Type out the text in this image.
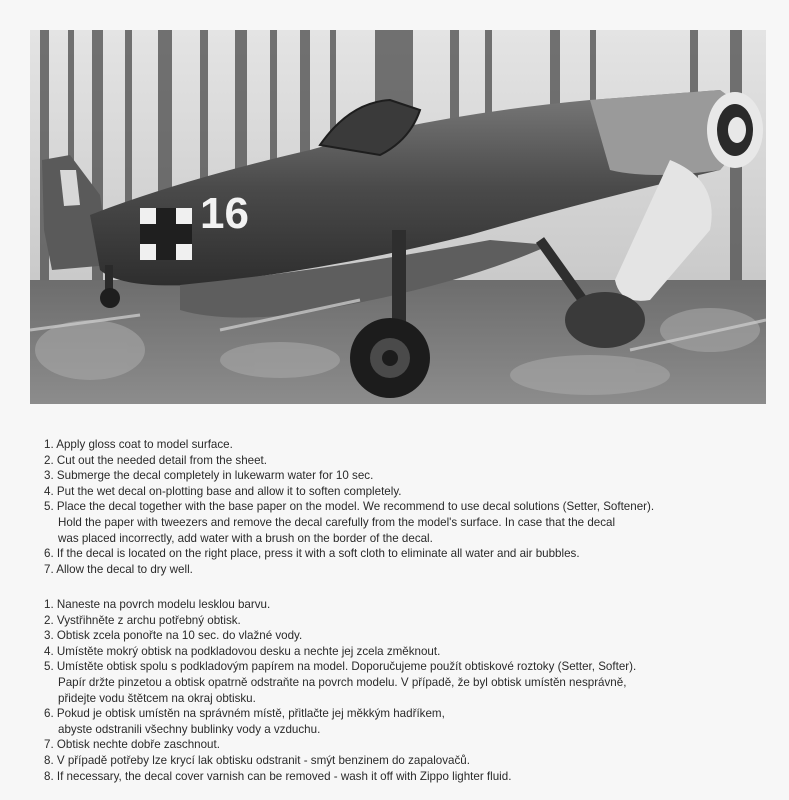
16
1. Apply gloss coat to model surface.
2. Cut out the needed detail from the sheet.
3. Submerge the decal completely in lukewarm water for 10 sec.
4. Put the wet decal on-plotting base and allow it to soften completely.
5. Place the decal together with the base paper on the model. We recommend to use decal solutions (Setter, Softener).
Hold the paper with tweezers and remove the decal carefully from the model's surface. In case that the decal
was placed incorrectly, add water with a brush on the border of the decal.
6. If the decal is located on the right place, press it with a soft cloth to eliminate all water and air bubbles.
7. Allow the decal to dry well.
1. Naneste na povrch modelu lesklou barvu.
2. Vystřihněte z archu potřebný obtisk.
3. Obtisk zcela ponořte na 10 sec. do vlažné vody.
4. Umístěte mokrý obtisk na podkladovou desku a nechte jej zcela změknout.
5. Umístěte obtisk spolu s podkladovým papírem na model. Doporučujeme použít obtiskové roztoky (Setter, Softer).
Papír držte pinzetou a obtisk opatrně odstraňte na povrch modelu. V případě, že byl obtisk umístěn nesprávně,
přidejte vodu štětcem na okraj obtisku.
6. Pokud je obtisk umístěn na správném místě, přitlačte jej měkkým hadříkem,
abyste odstranili všechny bublinky vody a vzduchu.
7. Obtisk nechte dobře zaschnout.
8. V případě potřeby lze krycí lak obtisku odstranit - smýt benzinem do zapalovačů.
8. If necessary, the decal cover varnish can be removed - wash it off with Zippo lighter fluid.
